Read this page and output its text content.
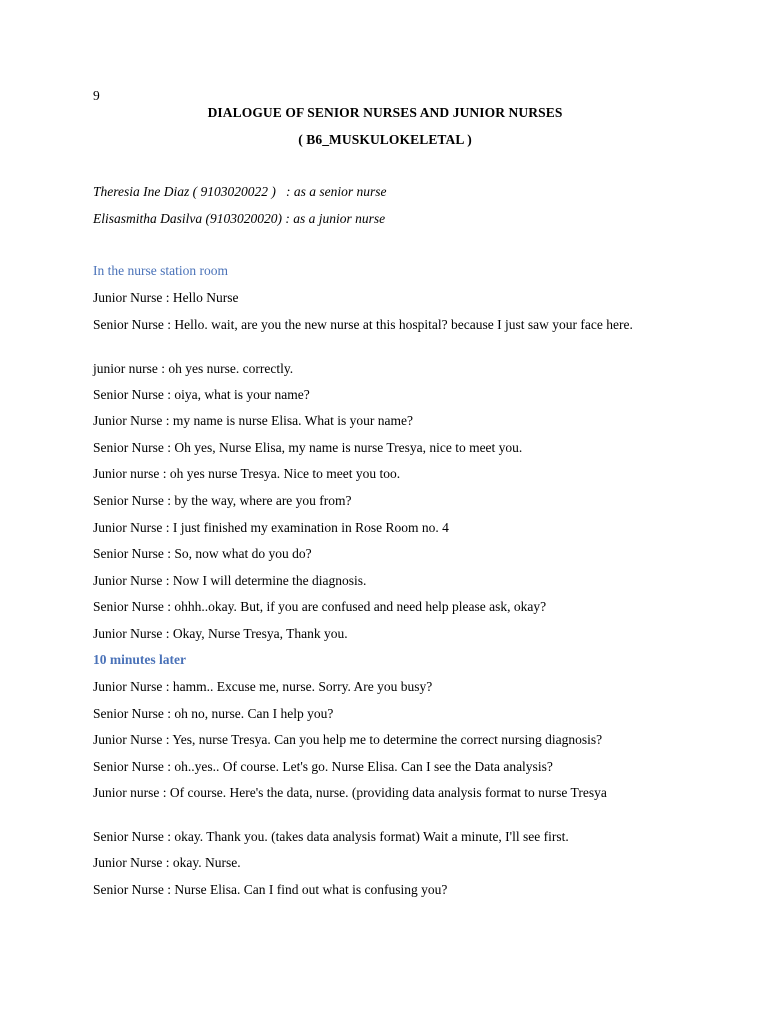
9

DIALOGUE OF SENIOR NURSES AND JUNIOR NURSES

( B6_MUSKULOKELETAL )

Theresia Ine Diaz ( 9103020022 )   : as a senior nurse

Elisasmitha Dasilva (9103020020) : as a junior nurse

In the nurse station room

Junior Nurse : Hello Nurse

Senior Nurse : Hello. wait, are you the new nurse at this hospital? because I just saw your face here.

junior nurse : oh yes nurse. correctly.

Senior Nurse : oiya, what is your name?

Junior Nurse : my name is nurse Elisa. What is your name?

Senior Nurse : Oh yes, Nurse Elisa, my name is nurse Tresya, nice to meet you.

Junior nurse : oh yes nurse Tresya. Nice to meet you too.

Senior Nurse : by the way, where are you from?

Junior Nurse : I just finished my examination in Rose Room no. 4

Senior Nurse : So, now what do you do?

Junior Nurse : Now I will determine the diagnosis.

Senior Nurse : ohhh..okay. But, if you are confused and need help please ask, okay?

Junior Nurse : Okay, Nurse Tresya, Thank you.

10 minutes later

Junior Nurse : hamm.. Excuse me, nurse. Sorry. Are you busy?

Senior Nurse : oh no, nurse. Can I help you?

Junior Nurse : Yes, nurse Tresya. Can you help me to determine the correct nursing diagnosis?

Senior Nurse : oh..yes.. Of course. Let's go. Nurse Elisa. Can I see the Data analysis?

Junior nurse : Of course. Here's the data, nurse. (providing data analysis format to nurse Tresya

Senior Nurse : okay. Thank you. (takes data analysis format) Wait a minute, I'll see first.

Junior Nurse : okay. Nurse.

Senior Nurse : Nurse Elisa. Can I find out what is confusing you?
